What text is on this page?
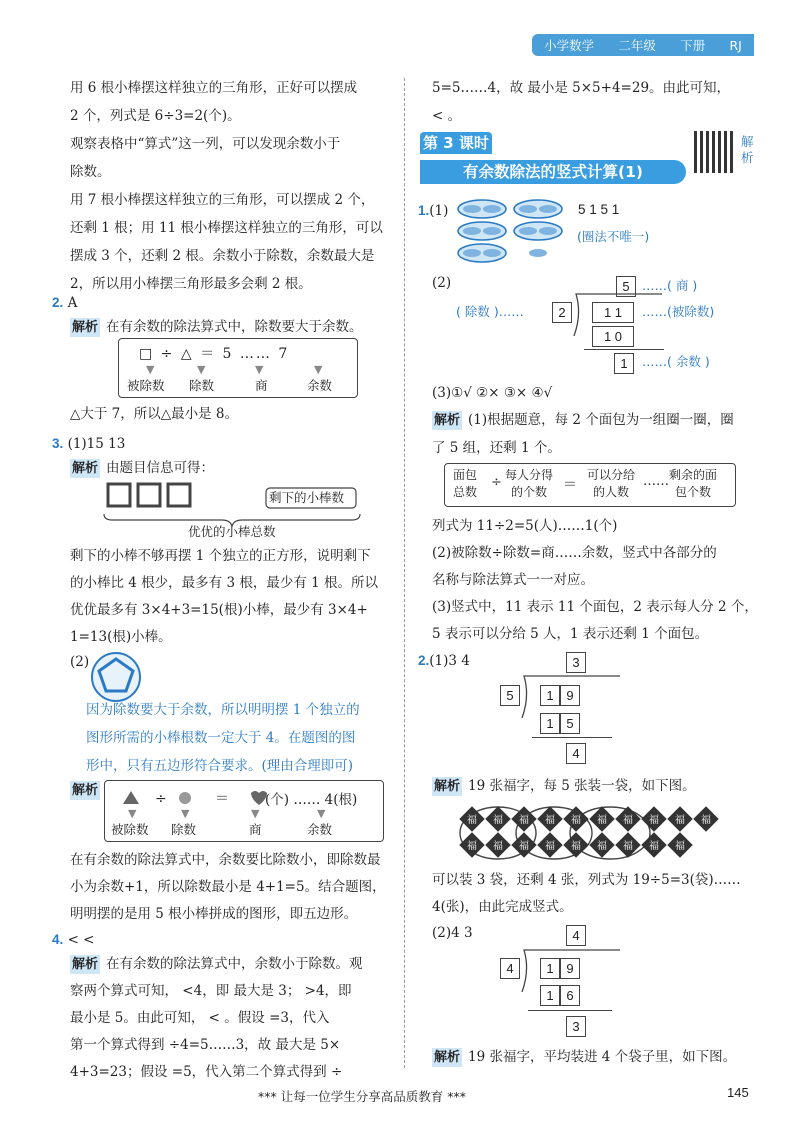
小学数学 二年级 下册 RJ
用 6 根小棒摆这样独立的三角形，正好可以摆成
2 个，列式是 6÷3=2(个)。
观察表格中“算式”这一列，可以发现余数小于
除数。
用 7 根小棒摆这样独立的三角形，可以摆成 2 个，
还剩 1 根；用 11 根小棒摆这样独立的三角形，可以
摆成 3 个，还剩 2 根。余数小于除数，余数最大是
2，所以用小棒摆三角形最多会剩 2 根。
2. A
解析 在有余数的除法算式中，除数要大于余数。
□ ÷ △ ＝ 5 …… 7
▼	▼	▼	▼
被除数 除数	商	余数
△大于 7，所以△最小是 8。
3. (1)15 13
解析 由题目信息可得：
剩下的小棒数
优优的小棒总数
剩下的小棒不够再摆 1 个独立的正方形，说明剩下
的小棒比 4 根少，最多有 3 根，最少有 1 根。所以
优优最多有 3×4+3=15(根)小棒，最少有 3×4+
1=13(根)小棒。
(2)
因为除数要大于余数，所以明明摆 1 个独立的
图形所需的小棒根数一定大于 4。在题图的图
形中，只有五边形符合要求。(理由合理即可)
解析
÷	＝	(个) …… 4(根)
▼	▼	▼	▼
被除数 除数	商	余数
在有余数的除法算式中，余数要比除数小，即除数最
小为余数+1，所以除数最小是 4+1=5。结合题图，
明明摆的是用 5 根小棒拼成的图形，即五边形。
4. < <
解析 在有余数的除法算式中，余数小于除数。观
察两个算式可知， <4，即 最大是 3； >4，即
最小是 5。由此可知， < 。假设 =3，代入
第一个算式得到 ÷4=5……3，故 最大是 5×
4+3=23；假设 =5，代入第二个算式得到 ÷
5=5……4，故 最小是 5×5+4=29。由此可知，
< 。
第 3 课时
有余数除法的竖式计算(1)
解析
1.(1)	5 1 5 1
(圈法不唯一)
(2)	5
2	1 1
1 0
1
……( 商 )
( 除数 )……	……(被除数)
……( 余数 )
(3)①√ ②× ③× ④√
解析 (1)根据题意，每 2 个面包为一组圈一圈，圈
了 5 组，还剩 1 个。
面包
总数
÷ 每人分得
的个数	＝
可以分给
的人数
…… 剩余的面
包个数
列式为 11÷2=5(人)……1(个)
(2)被除数÷除数=商……余数，竖式中各部分的
名称与除法算式一一对应。
(3)竖式中，11 表示 11 个面包，2 表示每人分 2 个，
5 表示可以分给 5 人，1 表示还剩 1 个面包。
2.(1)3 4	3
5	1 9
1 5
4
解析 19 张福字，每 5 张装一袋，如下图。
福 福 福 福 福 福 福 福 福 福
福 福 福 福 福 福 福 福 福
可以装 3 袋，还剩 4 张，列式为 19÷5=3(袋)……
4(张)，由此完成竖式。
(2)4 3	4
4	1 9
1 6
3
解析 19 张福字，平均装进 4 个袋子里，如下图。
*** 让每一位学生分享高品质教育 ***	145
